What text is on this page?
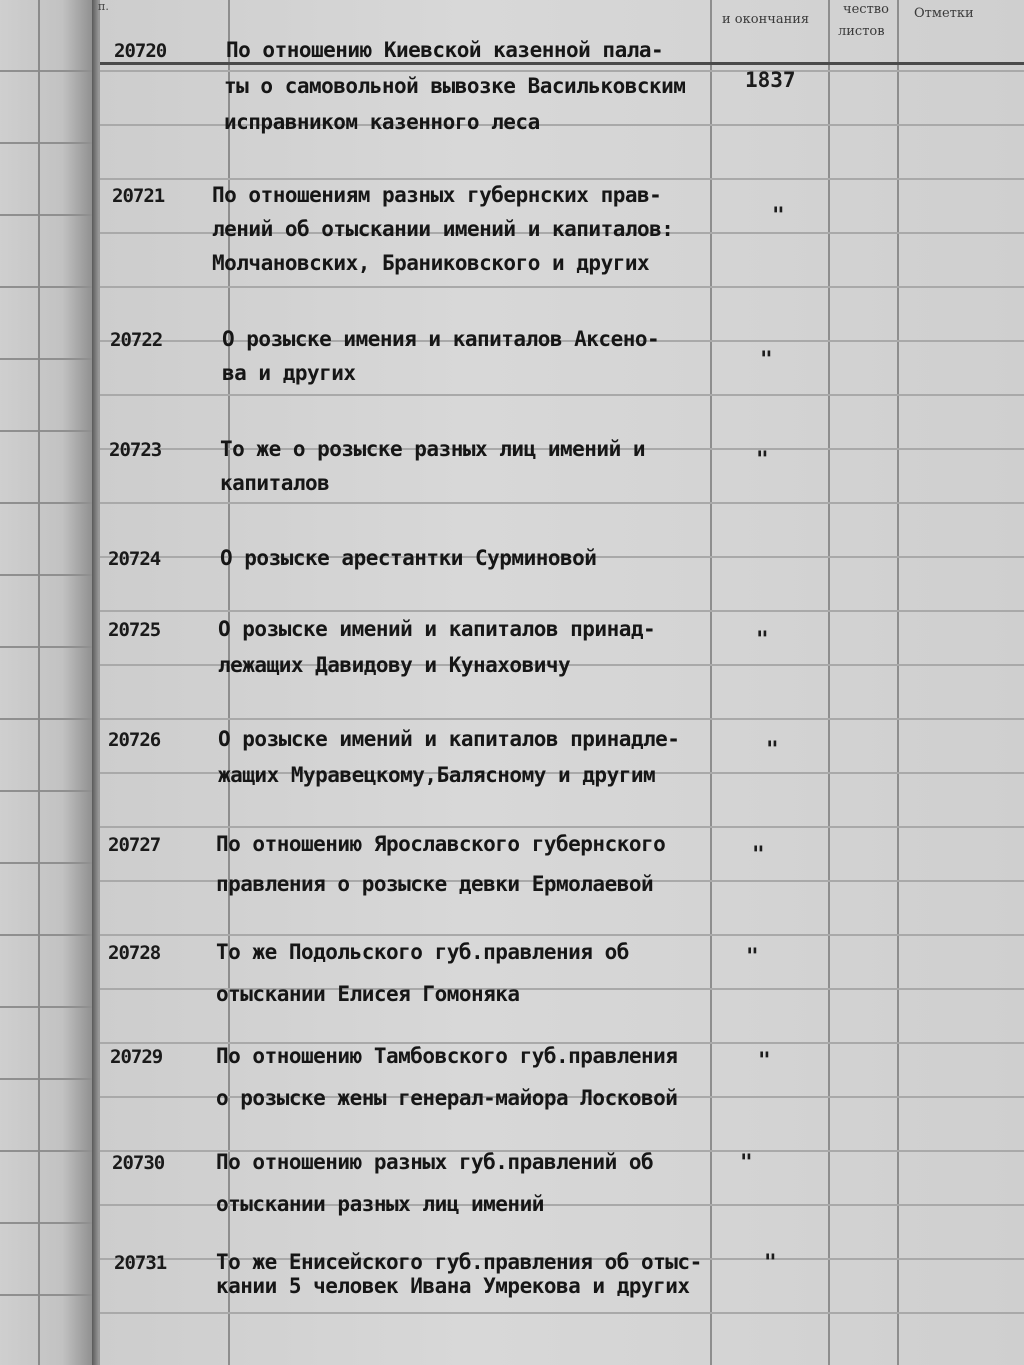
п.
и окончания
чество
листов
Отметки
20720	По отношению Киевской казенной пала-
ты о самовольной вывозке Васильковским
исправником казенного леса
1837
20721 По отношениям разных губернских прав-
лений об отыскании имений и капиталов:
Молчановских, Браниковского и других
"
20722	О розыске имения и капиталов Аксено-
ва и других
"
20723	То же о розыске разных лиц имений и
капиталов
"
20724	О розыске арестантки Сурминовой
20725	О розыске имений и капиталов принад-
лежащих Давидову и Кунаховичу
"
20726	О розыске имений и капиталов принадле-
жащих Муравецкому,Балясному и другим
"
20727	По отношению Ярославского губернского
правления о розыске девки Ермолаевой
"
20728	То же Подольского губ.правления об
отыскании Елисея Гомоняка
"
20729	По отношению Тамбовского губ.правления
о розыске жены генерал-майора Лосковой
"
20730 По отношению разных губ.правлений об
отыскании разных лиц имений
"
20731 То же Енисейского губ.правления об отыс-
кании 5 человек Ивана Умрекова и других
"
